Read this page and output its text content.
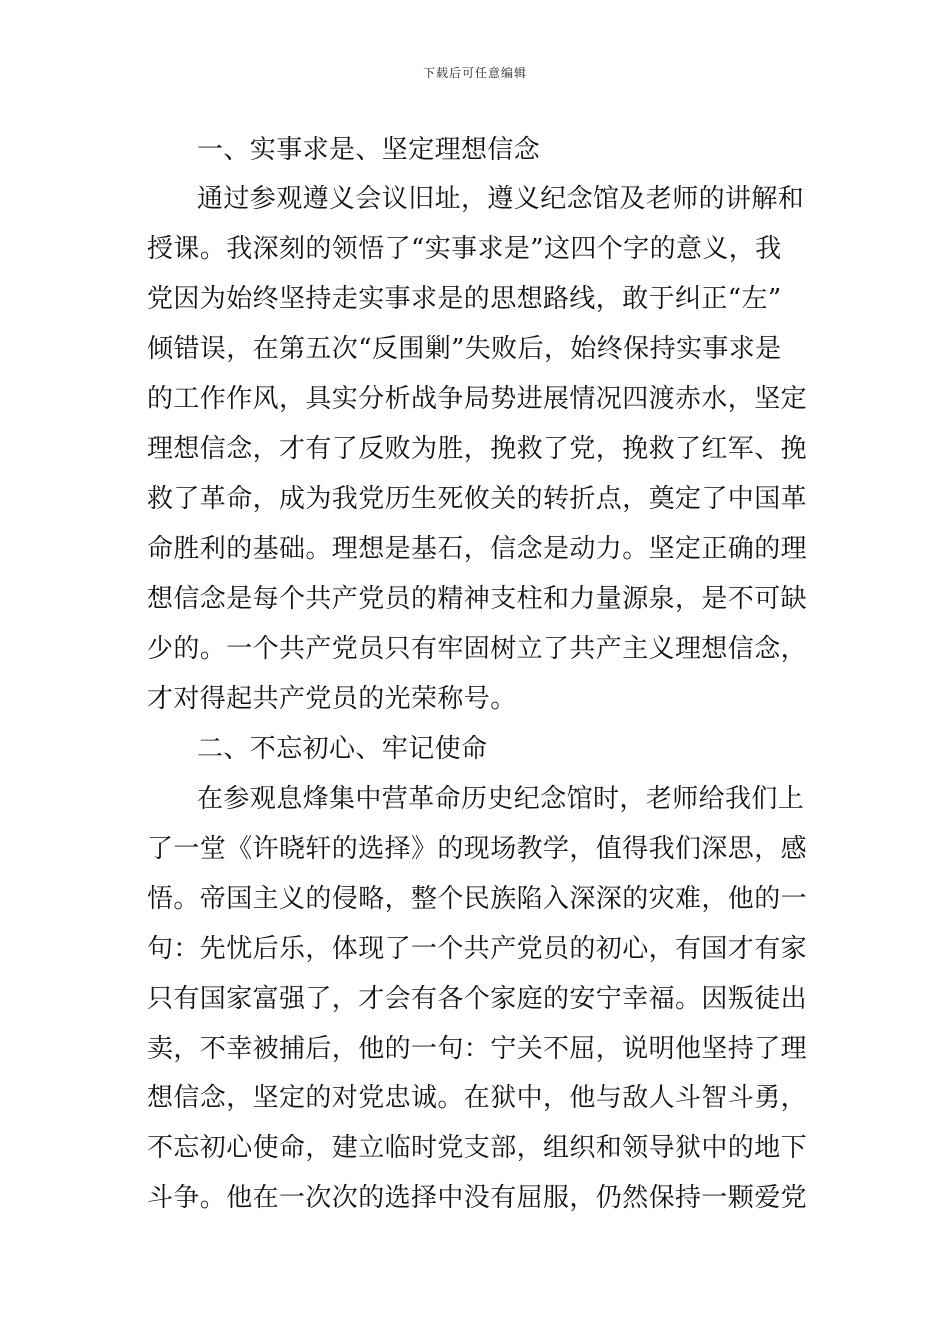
下载后可任意编辑
一、实事求是、坚定理想信念
通过参观遵义会议旧址，遵义纪念馆及老师的讲解和
授课。我深刻的领悟了“实事求是”这四个字的意义，我
党因为始终坚持走实事求是的思想路线，敢于纠正“左”
倾错误，在第五次“反围剿”失败后，始终保持实事求是
的工作作风，具实分析战争局势进展情况四渡赤水，坚定
理想信念，才有了反败为胜，挽救了党，挽救了红军、挽
救了革命，成为我党历生死攸关的转折点，奠定了中国革
命胜利的基础。理想是基石，信念是动力。坚定正确的理
想信念是每个共产党员的精神支柱和力量源泉，是不可缺
少的。一个共产党员只有牢固树立了共产主义理想信念，
才对得起共产党员的光荣称号。
二、不忘初心、牢记使命
在参观息烽集中营革命历史纪念馆时，老师给我们上
了一堂《许晓轩的选择》的现场教学，值得我们深思，感
悟。帝国主义的侵略，整个民族陷入深深的灾难，他的一
句：先忧后乐，体现了一个共产党员的初心，有国才有家
只有国家富强了，才会有各个家庭的安宁幸福。因叛徒出
卖，不幸被捕后，他的一句：宁关不屈，说明他坚持了理
想信念，坚定的对党忠诚。在狱中，他与敌人斗智斗勇，
不忘初心使命，建立临时党支部，组织和领导狱中的地下
斗争。他在一次次的选择中没有屈服，仍然保持一颗爱党
